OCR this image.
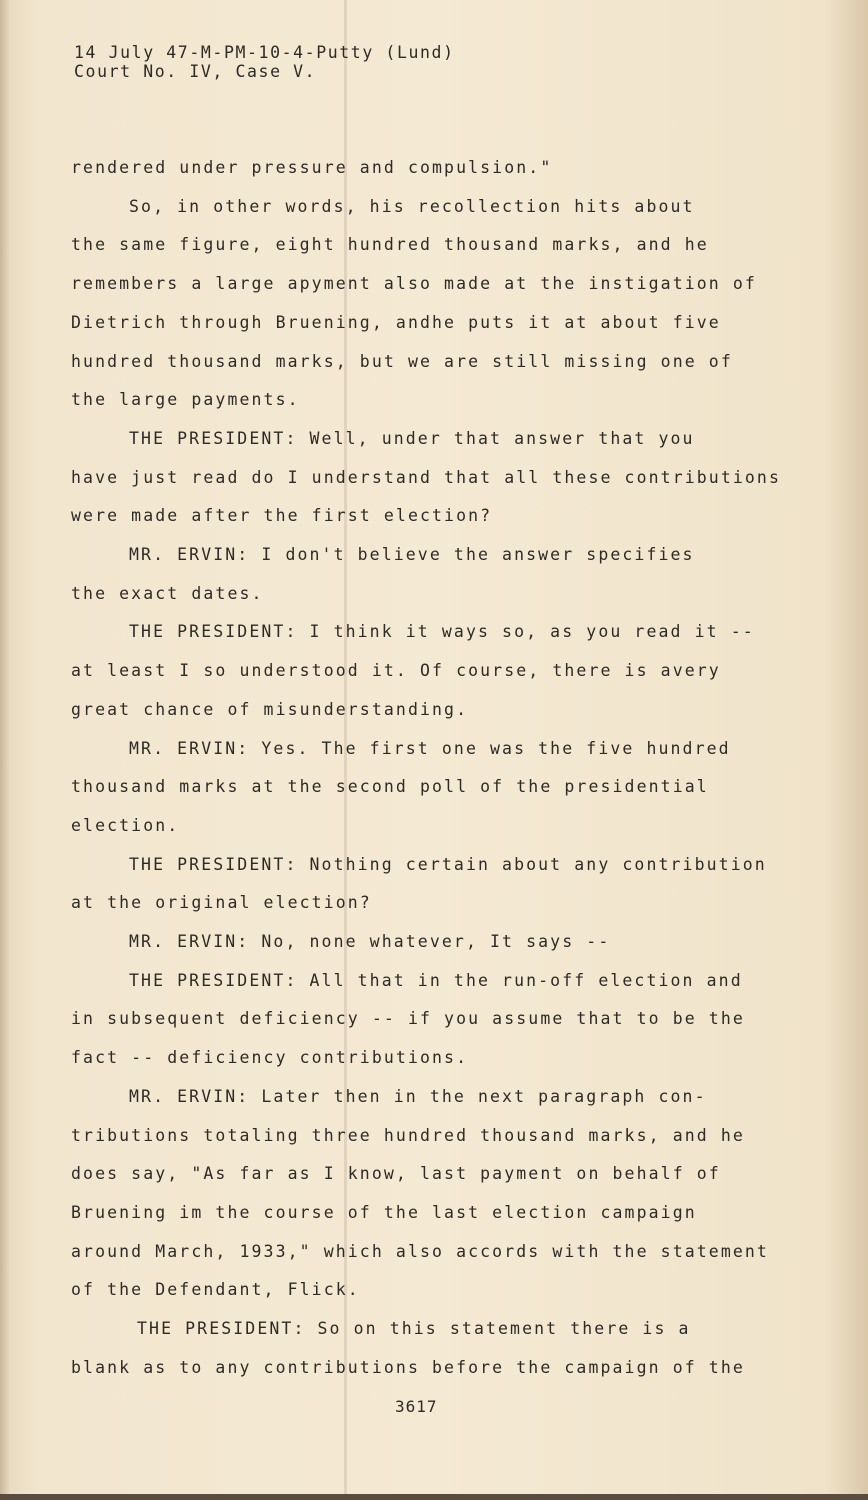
14 July 47-M-PM-10-4-Putty (Lund)
Court No. IV, Case V.
rendered under pressure and compulsion."
So, in other words, his recollection hits about
the same figure, eight hundred thousand marks, and he
remembers a large apyment also made at the instigation of
Dietrich through Bruening, andhe puts it at about five
hundred thousand marks, but we are still missing one of
the large payments.
THE PRESIDENT: Well, under that answer that you
have just read do I understand that all these contributions
were made after the first election?
MR. ERVIN: I don't believe the answer specifies
the exact dates.
THE PRESIDENT: I think it ways so, as you read it --
at least I so understood it. Of course, there is avery
great chance of misunderstanding.
MR. ERVIN: Yes. The first one was the five hundred
thousand marks at the second poll of the presidential
election.
THE PRESIDENT: Nothing certain about any contribution
at the original election?
MR. ERVIN: No, none whatever, It says --
THE PRESIDENT: All that in the run-off election and
in subsequent deficiency -- if you assume that to be the
fact -- deficiency contributions.
MR. ERVIN: Later then in the next paragraph con-
tributions totaling three hundred thousand marks, and he
does say, "As far as I know, last payment on behalf of
Bruening im the course of the last election campaign
around March, 1933," which also accords with the statement
of the Defendant, Flick.
THE PRESIDENT: So on this statement there is a
blank as to any contributions before the campaign of the
3617
